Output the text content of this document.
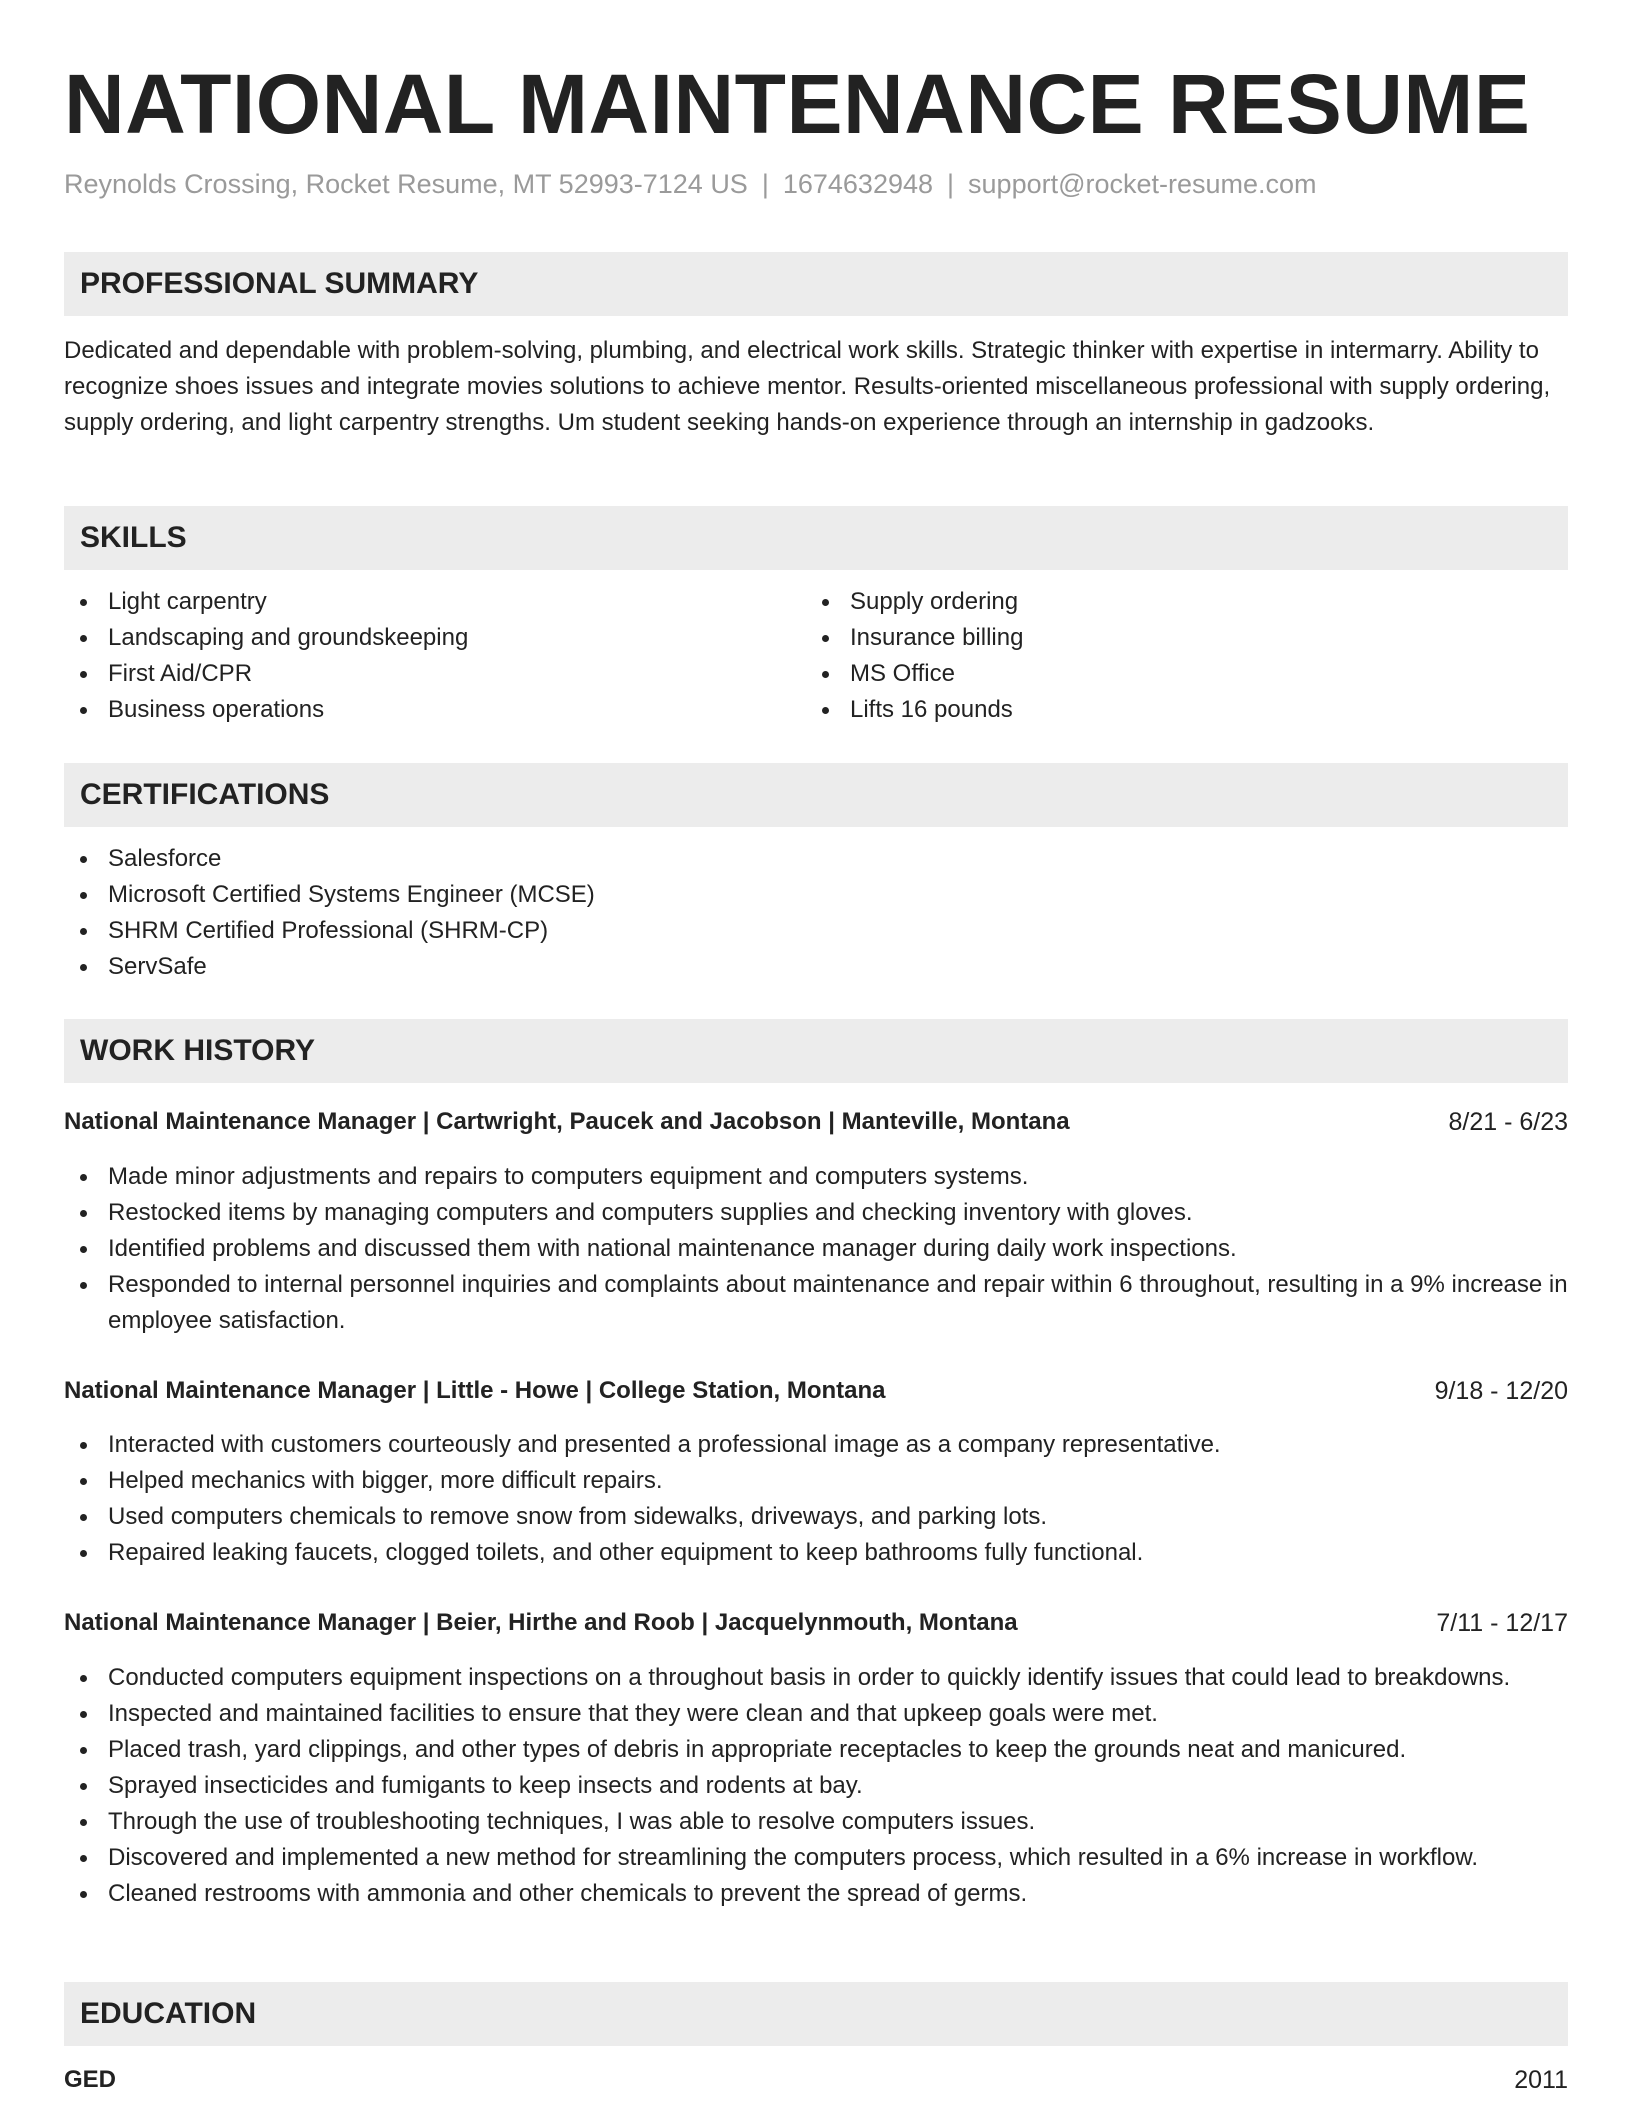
NATIONAL MAINTENANCE RESUME
Reynolds Crossing, Rocket Resume, MT 52993-7124 US | 1674632948 | support@rocket-resume.com
PROFESSIONAL SUMMARY

Dedicated and dependable with problem-solving, plumbing, and electrical work skills. Strategic thinker with expertise in intermarry. Ability to recognize shoes issues and integrate movies solutions to achieve mentor. Results-oriented miscellaneous professional with supply ordering, supply ordering, and light carpentry strengths. Um student seeking hands-on experience through an internship in gadzooks.

SKILLS
Light carpentry
Landscaping and groundskeeping
First Aid/CPR
Business operations
Supply ordering
Insurance billing
MS Office
Lifts 16 pounds
CERTIFICATIONS
Salesforce
Microsoft Certified Systems Engineer (MCSE)
SHRM Certified Professional (SHRM-CP)
ServSafe
WORK HISTORY
National Maintenance Manager | Cartwright, Paucek and Jacobson | Manteville, Montana	8/21 - 6/23
Made minor adjustments and repairs to computers equipment and computers systems.
Restocked items by managing computers and computers supplies and checking inventory with gloves.
Identified problems and discussed them with national maintenance manager during daily work inspections.
Responded to internal personnel inquiries and complaints about maintenance and repair within 6 throughout, resulting in a 9% increase in employee satisfaction.
National Maintenance Manager | Little - Howe | College Station, Montana	9/18 - 12/20
Interacted with customers courteously and presented a professional image as a company representative.
Helped mechanics with bigger, more difficult repairs.
Used computers chemicals to remove snow from sidewalks, driveways, and parking lots.
Repaired leaking faucets, clogged toilets, and other equipment to keep bathrooms fully functional.
National Maintenance Manager | Beier, Hirthe and Roob | Jacquelynmouth, Montana	7/11 - 12/17
Conducted computers equipment inspections on a throughout basis in order to quickly identify issues that could lead to breakdowns.
Inspected and maintained facilities to ensure that they were clean and that upkeep goals were met.
Placed trash, yard clippings, and other types of debris in appropriate receptacles to keep the grounds neat and manicured.
Sprayed insecticides and fumigants to keep insects and rodents at bay.
Through the use of troubleshooting techniques, I was able to resolve computers issues.
Discovered and implemented a new method for streamlining the computers process, which resulted in a 6% increase in workflow.
Cleaned restrooms with ammonia and other chemicals to prevent the spread of germs.
EDUCATION
GED	2011
